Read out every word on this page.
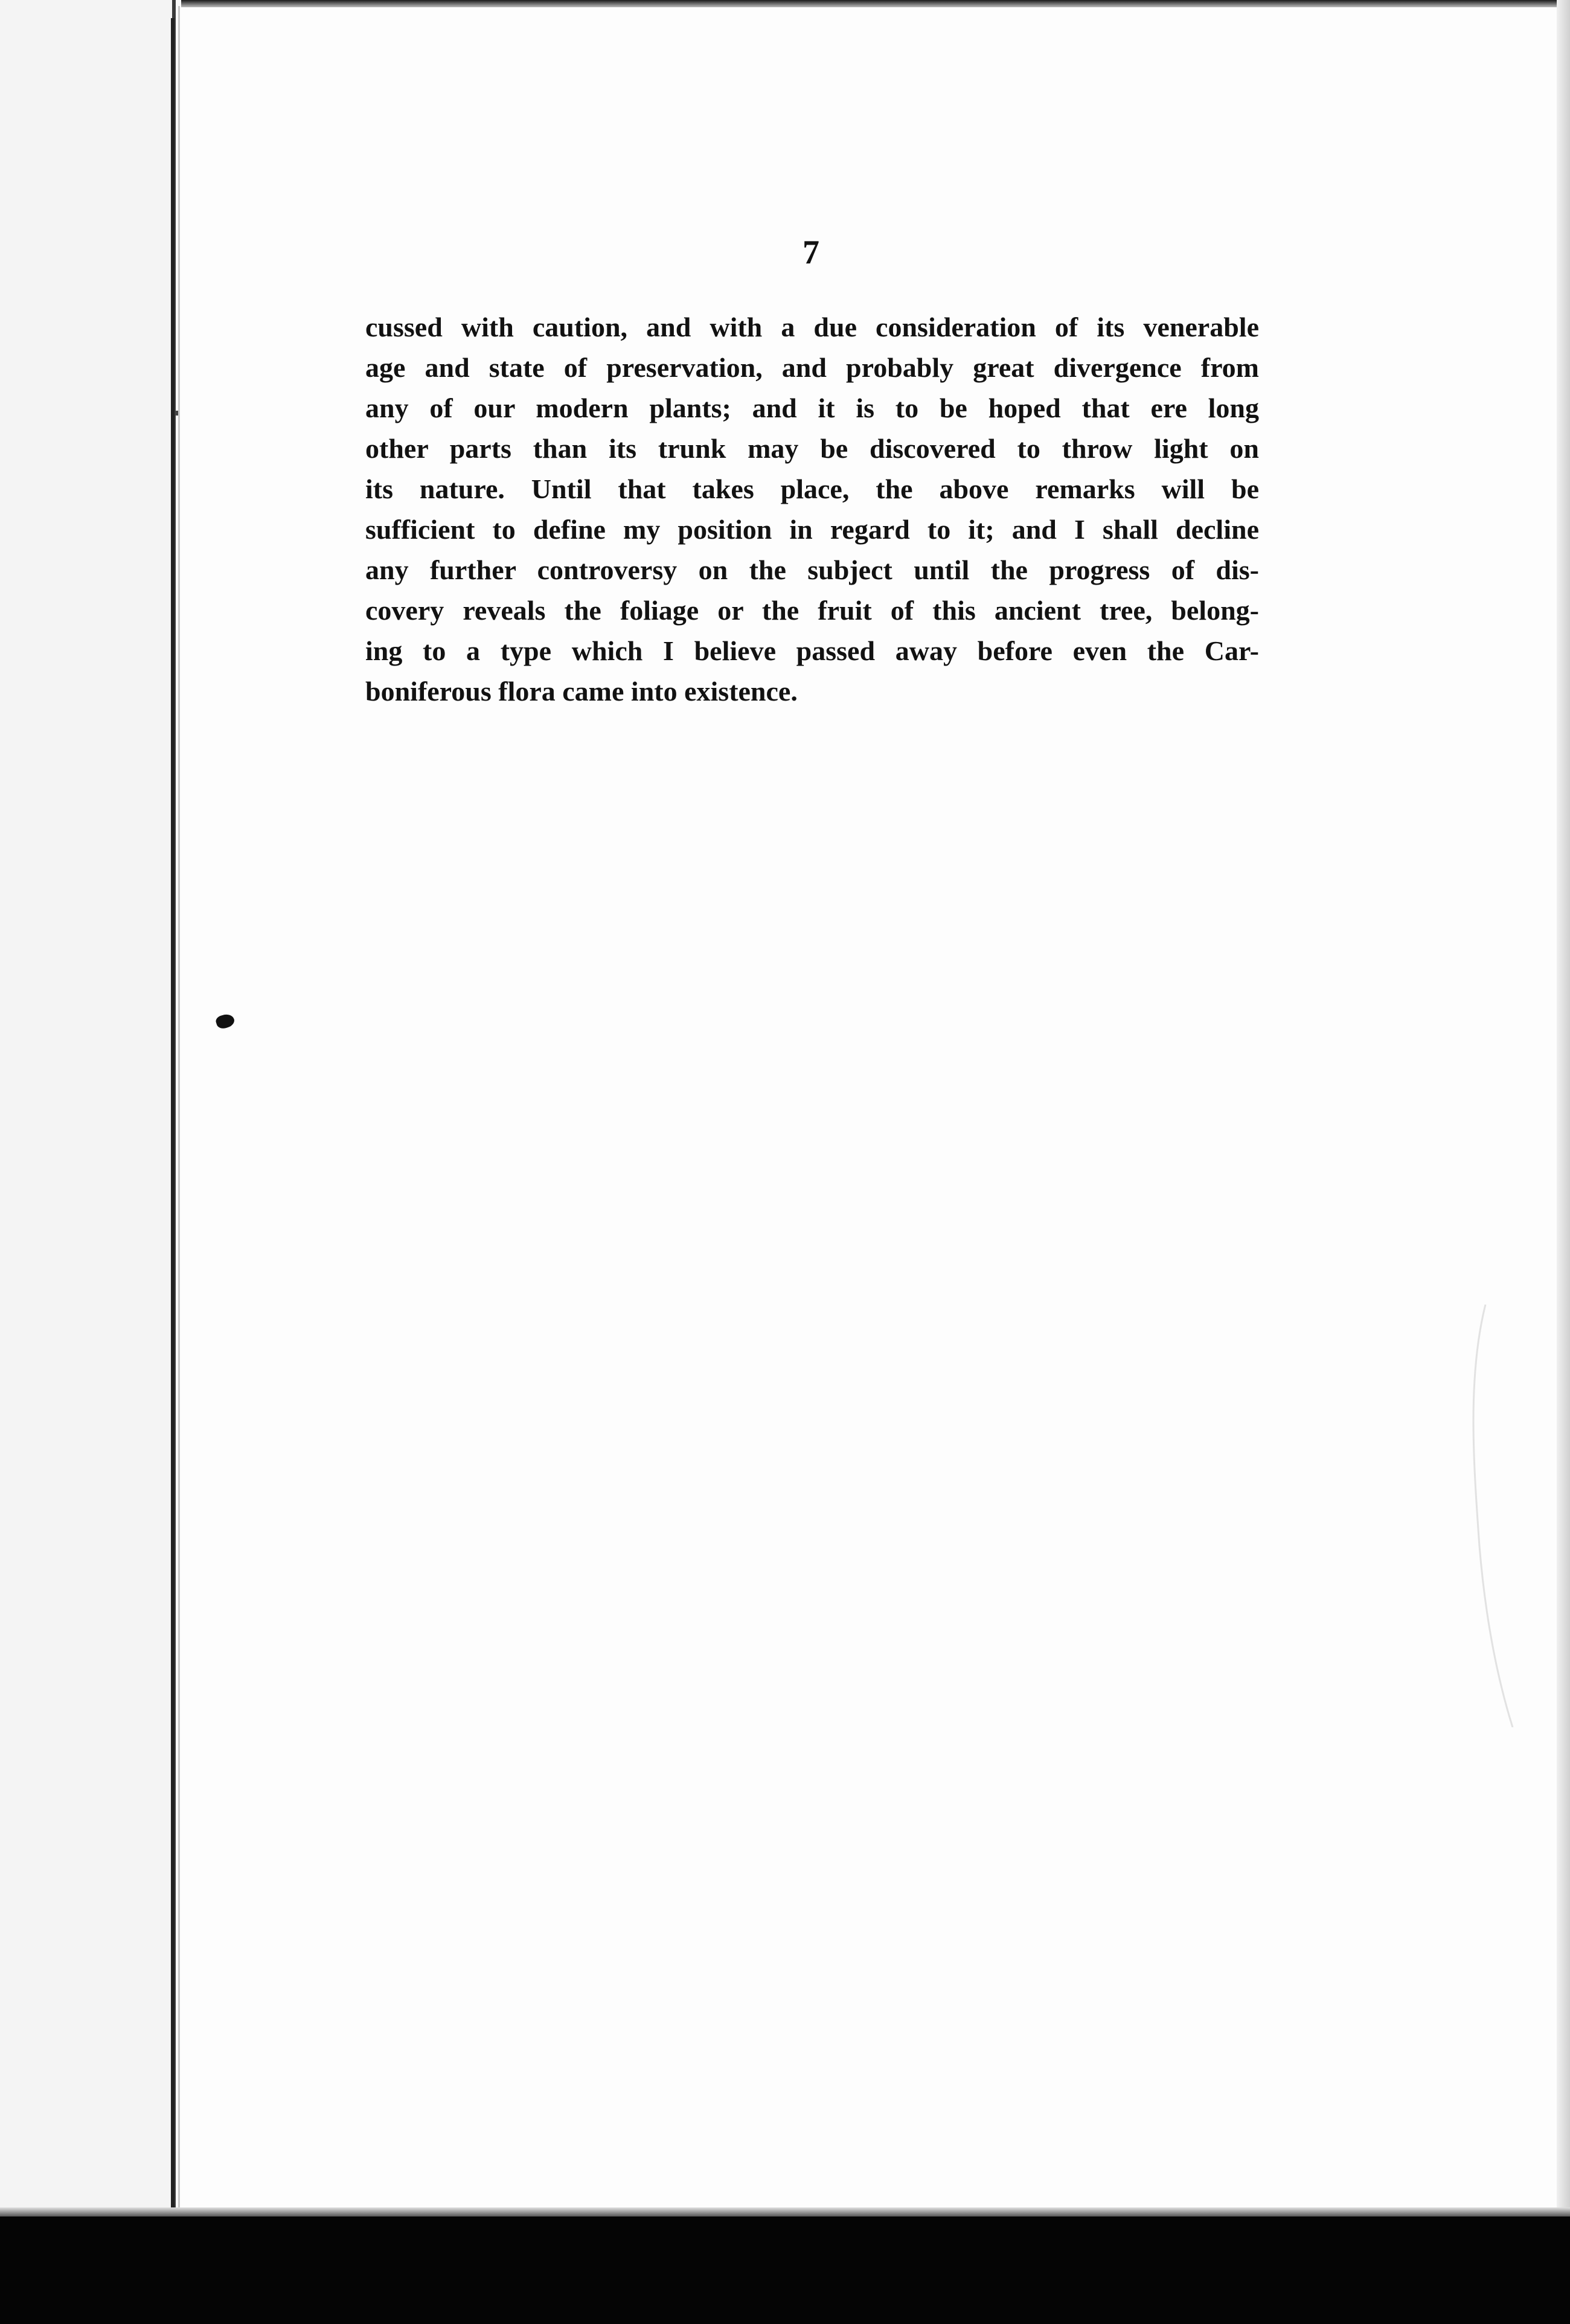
7
cussed with caution, and with a due consideration of its venerable
age and state of preservation, and probably great divergence from
any of our modern plants; and it is to be hoped that ere long
other parts than its trunk may be discovered to throw light on
its nature. Until that takes place, the above remarks will be
sufficient to define my position in regard to it; and I shall decline
any further controversy on the subject until the progress of dis-
covery reveals the foliage or the fruit of this ancient tree, belong-
ing to a type which I believe passed away before even the Car-
boniferous flora came into existence.
